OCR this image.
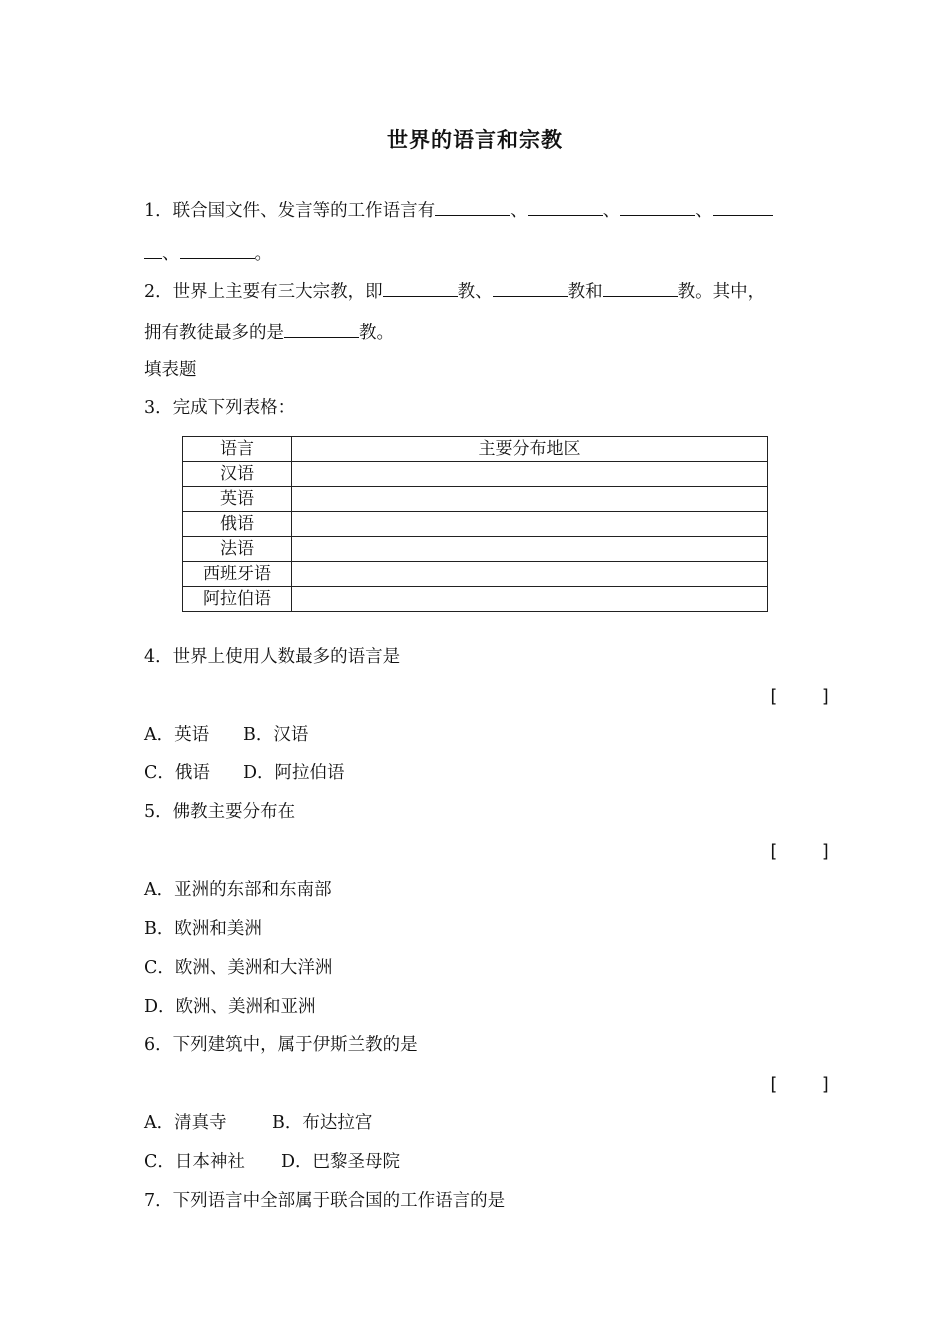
世界的语言和宗教
1．联合国文件、发言等的工作语言有	、	、	、
、	。
2．世界上主要有三大宗教，即	教、	教和	教。其中，
拥有教徒最多的是	教。
填表题
3．完成下列表格：
语言	主要分布地区
汉语	
英语	
俄语	
法语	
西班牙语	
阿拉伯语	
4．世界上使用人数最多的语言是
[    ]
A．英语 B．汉语
C．俄语 D．阿拉伯语
5．佛教主要分布在
[    ]
A．亚洲的东部和东南部
B．欧洲和美洲
C．欧洲、美洲和大洋洲
D．欧洲、美洲和亚洲
6．下列建筑中，属于伊斯兰教的是
[    ]
A．清真寺	B．布达拉宫
C．日本神社 D．巴黎圣母院
7．下列语言中全部属于联合国的工作语言的是
